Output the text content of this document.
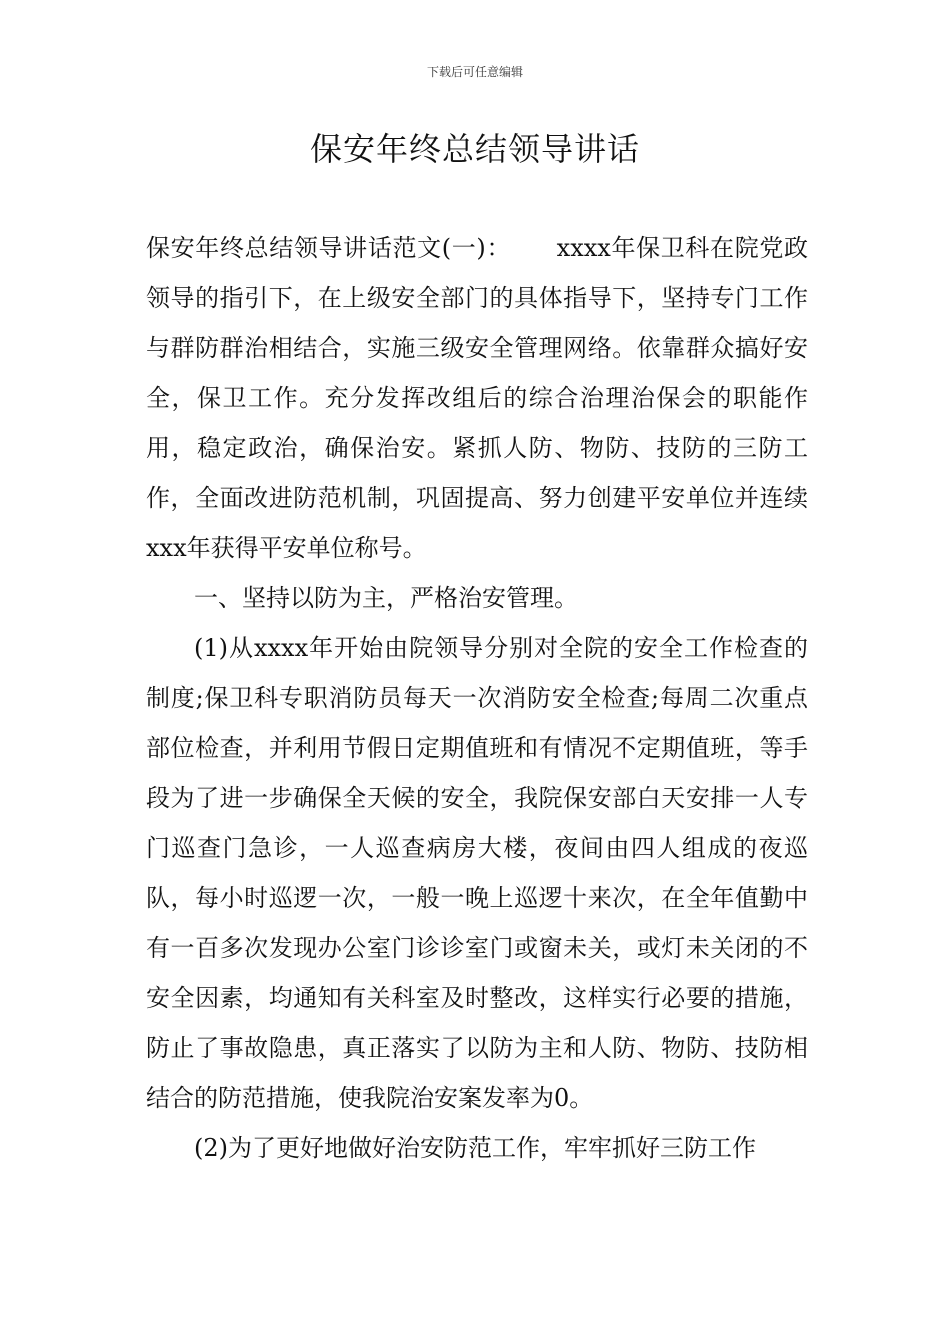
下载后可任意编辑
保安年终总结领导讲话

保安年终总结领导讲话范文(一)：　　 xxxx年保卫科在院党政领导的指引下，在上级安全部门的具体指导下，坚持专门工作与群防群治相结合，实施三级安全管理网络。依靠群众搞好安全，保卫工作。充分发挥改组后的综合治理治保会的职能作用，稳定政治，确保治安。紧抓人防、物防、技防的三防工作，全面改进防范机制，巩固提高、努力创建平安单位并连续xxx年获得平安单位称号。

一、坚持以防为主，严格治安管理。

(1)从xxxx年开始由院领导分别对全院的安全工作检查的制度;保卫科专职消防员每天一次消防安全检查;每周二次重点部位检查，并利用节假日定期值班和有情况不定期值班，等手段为了进一步确保全天候的安全，我院保安部白天安排一人专门巡查门急诊，一人巡查病房大楼，夜间由四人组成的夜巡队，每小时巡逻一次，一般一晚上巡逻十来次，在全年值勤中有一百多次发现办公室门诊诊室门或窗未关，或灯未关闭的不安全因素，均通知有关科室及时整改，这样实行必要的措施，防止了事故隐患，真正落实了以防为主和人防、物防、技防相结合的防范措施，使我院治安案发率为0。

(2)为了更好地做好治安防范工作，牢牢抓好三防工作
